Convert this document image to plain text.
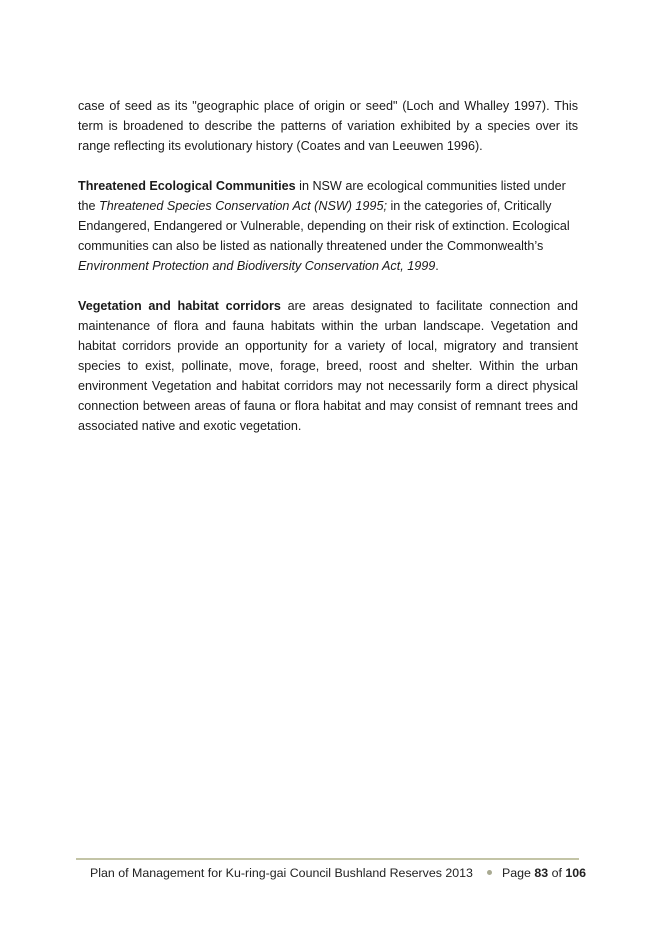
case of seed as its "geographic place of origin or seed" (Loch and Whalley 1997). This term is broadened to describe the patterns of variation exhibited by a species over its range reflecting its evolutionary history (Coates and van Leeuwen 1996).

Threatened Ecological Communities in NSW are ecological communities listed under the Threatened Species Conservation Act (NSW) 1995; in the categories of, Critically Endangered, Endangered or Vulnerable, depending on their risk of extinction. Ecological communities can also be listed as nationally threatened under the Commonwealth’s Environment Protection and Biodiversity Conservation Act, 1999.

Vegetation and habitat corridors are areas designated to facilitate connection and maintenance of flora and fauna habitats within the urban landscape. Vegetation and habitat corridors provide an opportunity for a variety of local, migratory and transient species to exist, pollinate, move, forage, breed, roost and shelter. Within the urban environment Vegetation and habitat corridors may not necessarily form a direct physical connection between areas of fauna or flora habitat and may consist of remnant trees and associated native and exotic vegetation.

Plan of Management for Ku-ring-gai Council Bushland Reserves 2013 Page 83 of 106
